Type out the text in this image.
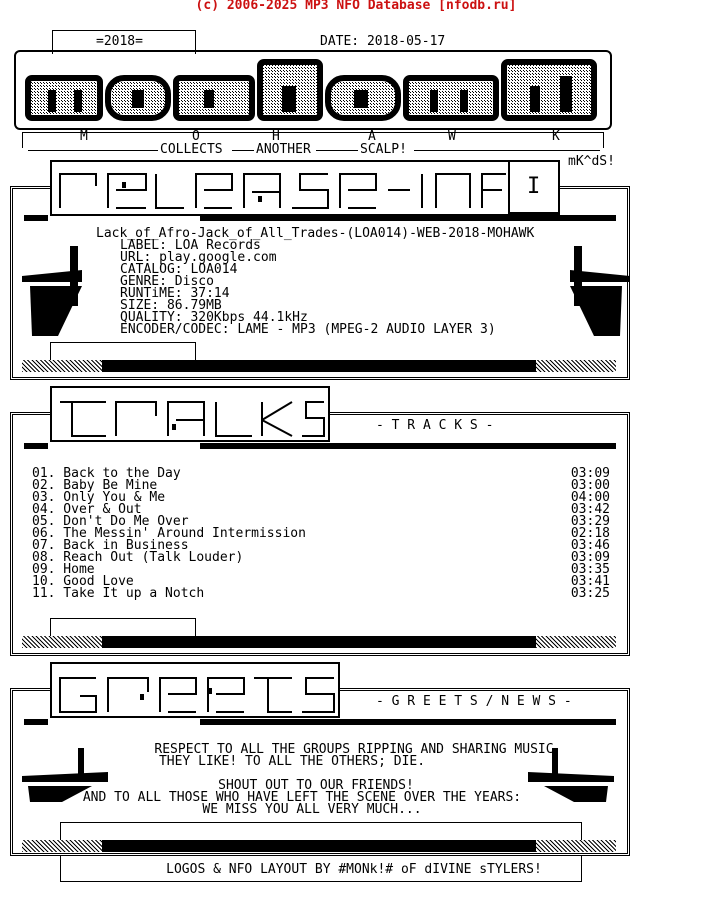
(c) 2006-2025 MP3 NFO Database [nfodb.ru]
=2018=	DATE: 2018-05-17
M	O	H	A	W	K
COLLECTS	ANOTHER	SCALP!
mK^dS!
I
Lack_of_Afro-Jack_of_All_Trades-(LOA014)-WEB-2018-MOHAWK
LABEL: LOA Records
URL: play.google.com
CATALOG: LOA014
GENRE: Disco
RUNTiME: 37:14
SIZE: 86.79MB
QUALITY: 320Kbps 44.1kHz
ENCODER/CODEC: LAME - MP3 (MPEG-2 AUDIO LAYER 3)
- T R A C K S -
01. Back to the Day	03:09
02. Baby Be Mine	03:00
03. Only You & Me	04:00
04. Over & Out	03:42
05. Don't Do Me Over	03:29
06. The Messin' Around Intermission	02:18
07. Back in Business	03:46
08. Reach Out (Talk Louder)	03:09
09. Home	03:35
10. Good Love	03:41
11. Take It up a Notch	03:25
- G R E E T S / N E W S -
RESPECT TO ALL THE GROUPS RIPPING AND SHARING MUSIC
THEY LIKE! TO ALL THE OTHERS; DIE.
SHOUT OUT TO OUR FRIENDS!
AND TO ALL THOSE WHO HAVE LEFT THE SCENE OVER THE YEARS:
WE MISS YOU ALL VERY MUCH...
LOGOS & NFO LAYOUT BY #MONk!# oF dIVINE sTYLERS!
